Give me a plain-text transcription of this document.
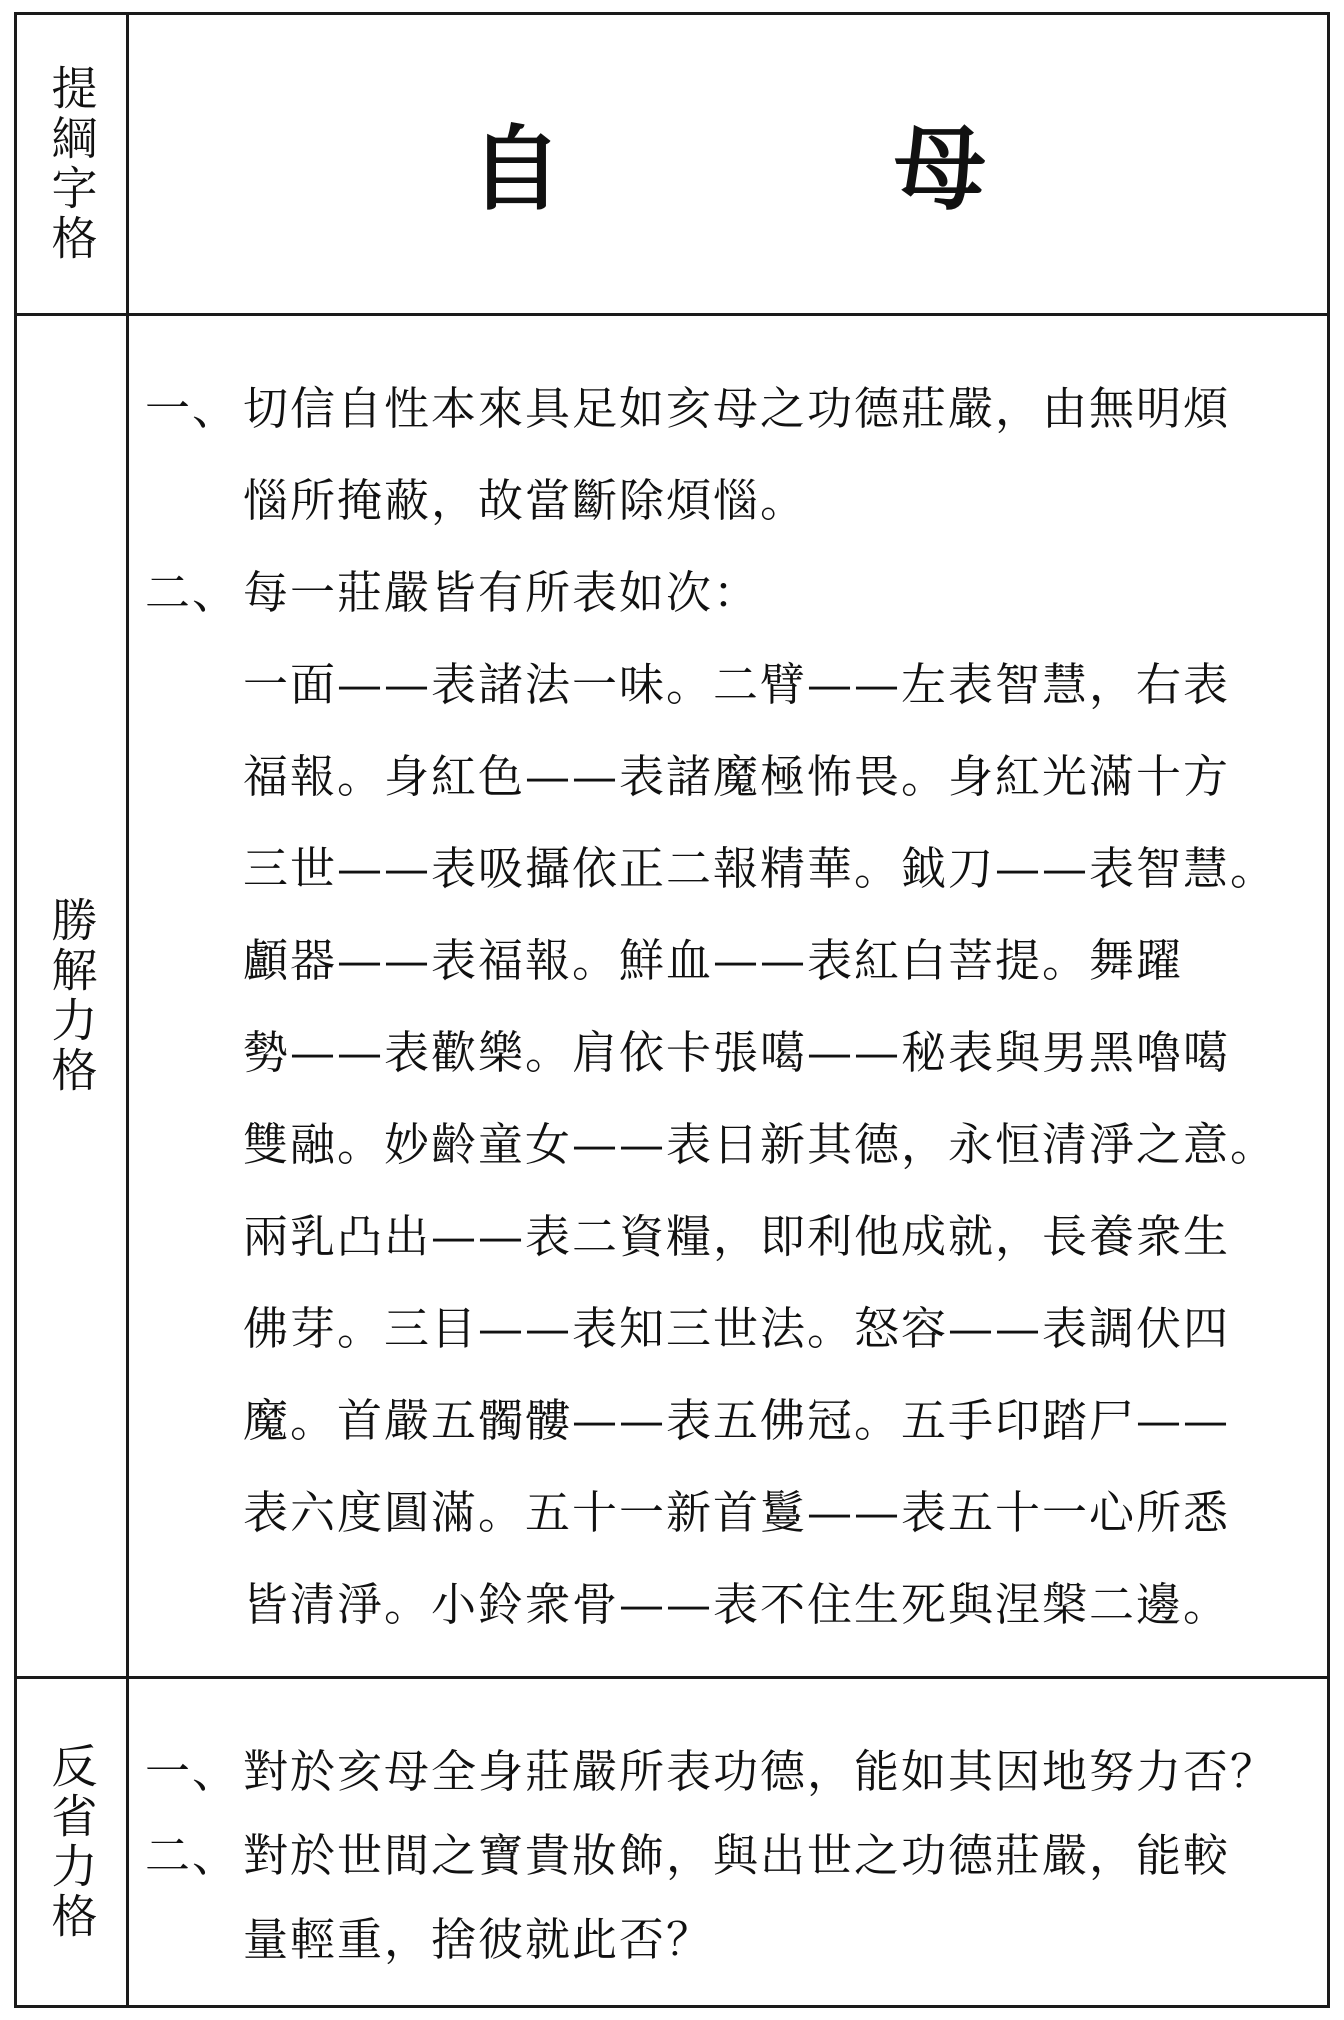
提綱字格	自　母
勝解力格
一、 切信自性本來具足如亥母之功德莊嚴，由無明煩
惱所掩蔽，故當斷除煩惱。
二、 每一莊嚴皆有所表如次：
一面——表諸法一味。二臂——左表智慧，右表
福報。身紅色——表諸魔極怖畏。身紅光滿十方
三世——表吸攝依正二報精華。鉞刀——表智慧。
顱器——表福報。鮮血——表紅白菩提。舞躍
勢——表歡樂。肩依卡張噶——秘表與男黑嚕噶
雙融。妙齡童女——表日新其德，永恒清淨之意。
兩乳凸出——表二資糧，即利他成就，長養衆生
佛芽。三目——表知三世法。怒容——表調伏四
魔。首嚴五髑髏——表五佛冠。五手印踏尸——
表六度圓滿。五十一新首鬘——表五十一心所悉
皆清淨。小鈴衆骨——表不住生死與涅槃二邊。
反省力格 一、 對於亥母全身莊嚴所表功德，能如其因地努力否？
二、 對於世間之寶貴妝飾，與出世之功德莊嚴，能較
量輕重，捨彼就此否？
